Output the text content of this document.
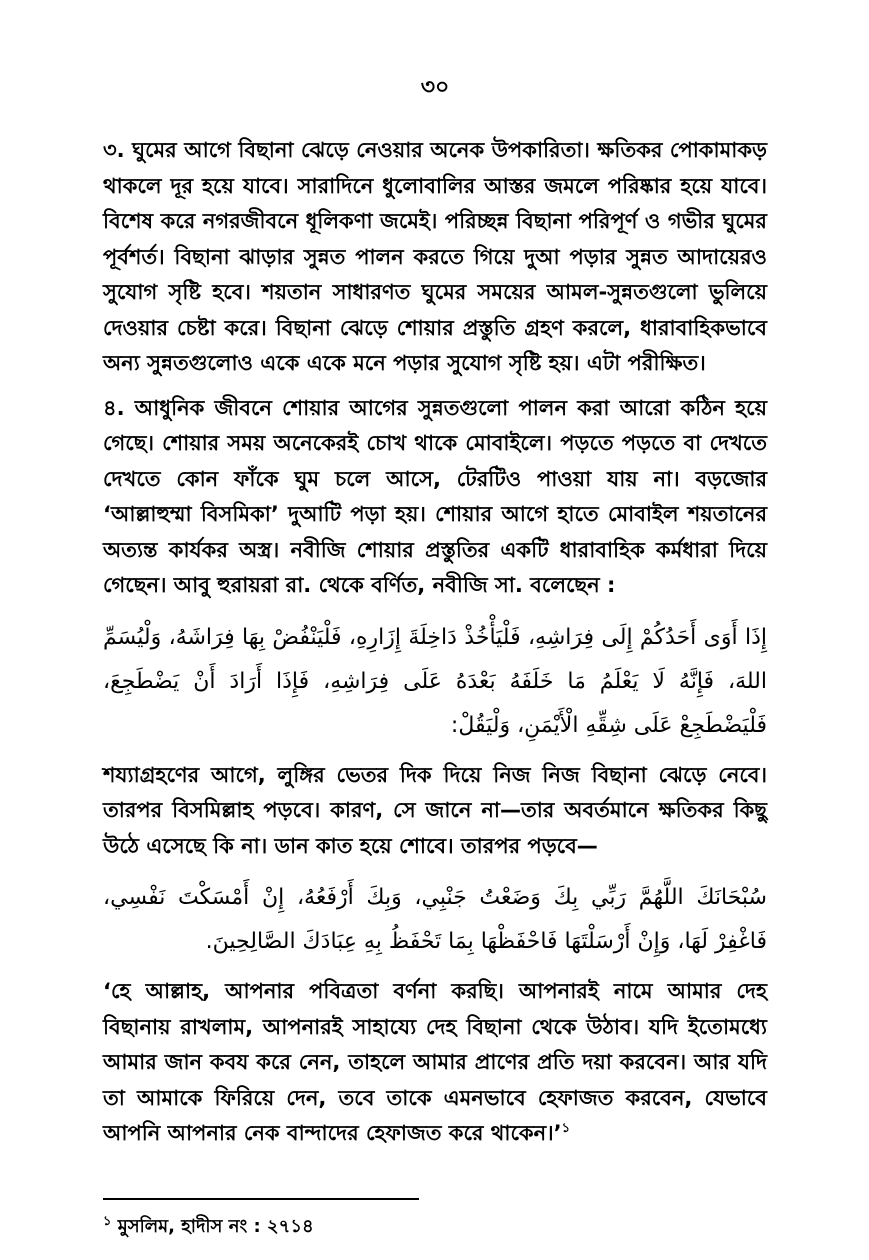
৩০

৩. ঘুমের আগে বিছানা ঝেড়ে নেওয়ার অনেক উপকারিতা। ক্ষতিকর পোকামাকড় থাকলে দূর হয়ে যাবে। সারাদিনে ধুলোবালির আস্তর জমলে পরিষ্কার হয়ে যাবে। বিশেষ করে নগরজীবনে ধূলিকণা জমেই। পরিচ্ছন্ন বিছানা পরিপূর্ণ ও গভীর ঘুমের পূর্বশর্ত। বিছানা ঝাড়ার সুন্নত পালন করতে গিয়ে দুআ পড়ার সুন্নত আদায়েরও সুযোগ সৃষ্টি হবে। শয়তান সাধারণত ঘুমের সময়ের আমল-সুন্নতগুলো ভুলিয়ে দেওয়ার চেষ্টা করে। বিছানা ঝেড়ে শোয়ার প্রস্তুতি গ্রহণ করলে, ধারাবাহিকভাবে অন্য সুন্নতগুলোও একে একে মনে পড়ার সুযোগ সৃষ্টি হয়। এটা পরীক্ষিত।

৪. আধুনিক জীবনে শোয়ার আগের সুন্নতগুলো পালন করা আরো কঠিন হয়ে গেছে। শোয়ার সময় অনেকেরই চোখ থাকে মোবাইলে। পড়তে পড়তে বা দেখতে দেখতে কোন ফাঁকে ঘুম চলে আসে, টেরটিও পাওয়া যায় না। বড়জোর ‘আল্লাহুম্মা বিসমিকা’ দুআটি পড়া হয়। শোয়ার আগে হাতে মোবাইল শয়তানের অত্যন্ত কার্যকর অস্ত্র। নবীজি শোয়ার প্রস্তুতির একটি ধারাবাহিক কর্মধারা দিয়ে গেছেন। আবু হুরায়রা রা. থেকে বর্ণিত, নবীজি সা. বলেছেন :

إِذَا أَوَى أَحَدُكُمْ إِلَى فِرَاشِهِ، فَلْيَأْخُذْ دَاخِلَةَ إِزَارِهِ، فَلْيَنْفُضْ بِهَا فِرَاشَهُ، وَلْيُسَمِّ اللهَ، فَإِنَّهُ لَا يَعْلَمُ مَا خَلَفَهُ بَعْدَهُ عَلَى فِرَاشِهِ، فَإِذَا أَرَادَ أَنْ يَضْطَجِعَ، فَلْيَضْطَجِعْ عَلَى شِقِّهِ الْأَيْمَنِ، وَلْيَقُلْ:

শয্যাগ্রহণের আগে, লুঙ্গির ভেতর দিক দিয়ে নিজ নিজ বিছানা ঝেড়ে নেবে। তারপর বিসমিল্লাহ পড়বে। কারণ, সে জানে না—তার অবর্তমানে ক্ষতিকর কিছু উঠে এসেছে কি না। ডান কাত হয়ে শোবে। তারপর পড়বে—

سُبْحَانَكَ اللَّهُمَّ رَبِّي بِكَ وَضَعْتُ جَنْبِي، وَبِكَ أَرْفَعُهُ، إِنْ أَمْسَكْتَ نَفْسِي، فَاغْفِرْ لَهَا، وَإِنْ أَرْسَلْتَهَا فَاحْفَظْهَا بِمَا تَحْفَظُ بِهِ عِبَادَكَ الصَّالِحِينَ.

‘হে আল্লাহ, আপনার পবিত্রতা বর্ণনা করছি। আপনারই নামে আমার দেহ বিছানায় রাখলাম, আপনারই সাহায্যে দেহ বিছানা থেকে উঠাব। যদি ইতোমধ্যে আমার জান কবয করে নেন, তাহলে আমার প্রাণের প্রতি দয়া করবেন। আর যদি তা আমাকে ফিরিয়ে দেন, তবে তাকে এমনভাবে হেফাজত করবেন, যেভাবে আপনি আপনার নেক বান্দাদের হেফাজত করে থাকেন।’$^১$

$^১$ মুসলিম, হাদীস নং : ২৭১৪
